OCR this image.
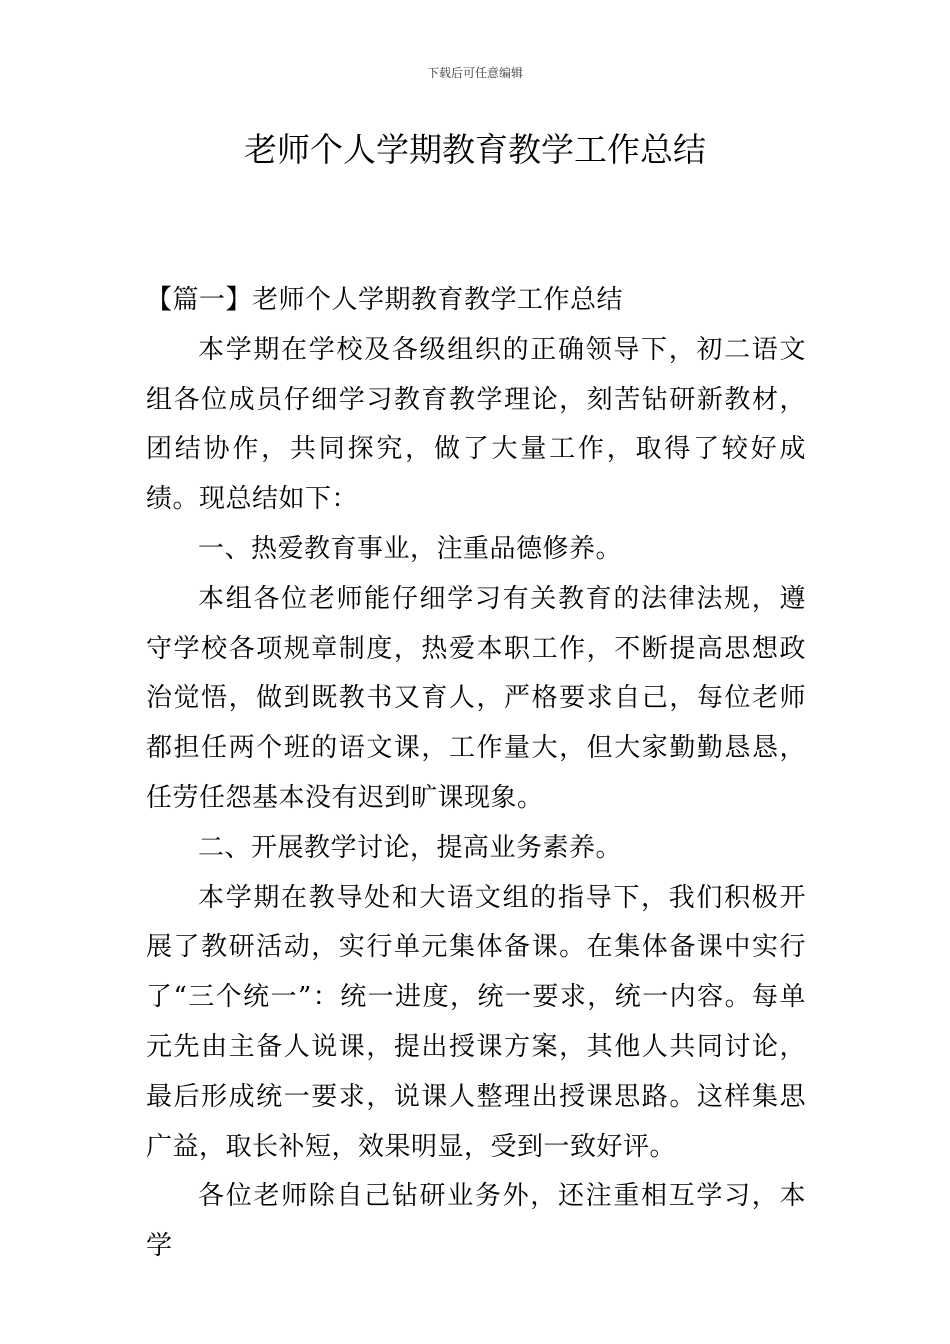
下载后可任意编辑
老师个人学期教育教学工作总结

【篇一】老师个人学期教育教学工作总结

本学期在学校及各级组织的正确领导下，初二语文组各位成员仔细学习教育教学理论，刻苦钻研新教材，团结协作，共同探究，做了大量工作，取得了较好成绩。现总结如下：

一、热爱教育事业，注重品德修养。

本组各位老师能仔细学习有关教育的法律法规，遵守学校各项规章制度，热爱本职工作，不断提高思想政治觉悟，做到既教书又育人，严格要求自己，每位老师都担任两个班的语文课，工作量大，但大家勤勤恳恳，任劳任怨基本没有迟到旷课现象。

二、开展教学讨论，提高业务素养。

本学期在教导处和大语文组的指导下，我们积极开展了教研活动，实行单元集体备课。在集体备课中实行了“三个统一”：统一进度，统一要求，统一内容。每单元先由主备人说课，提出授课方案，其他人共同讨论，最后形成统一要求，说课人整理出授课思路。这样集思广益，取长补短，效果明显，受到一致好评。

各位老师除自己钻研业务外，还注重相互学习，本学
